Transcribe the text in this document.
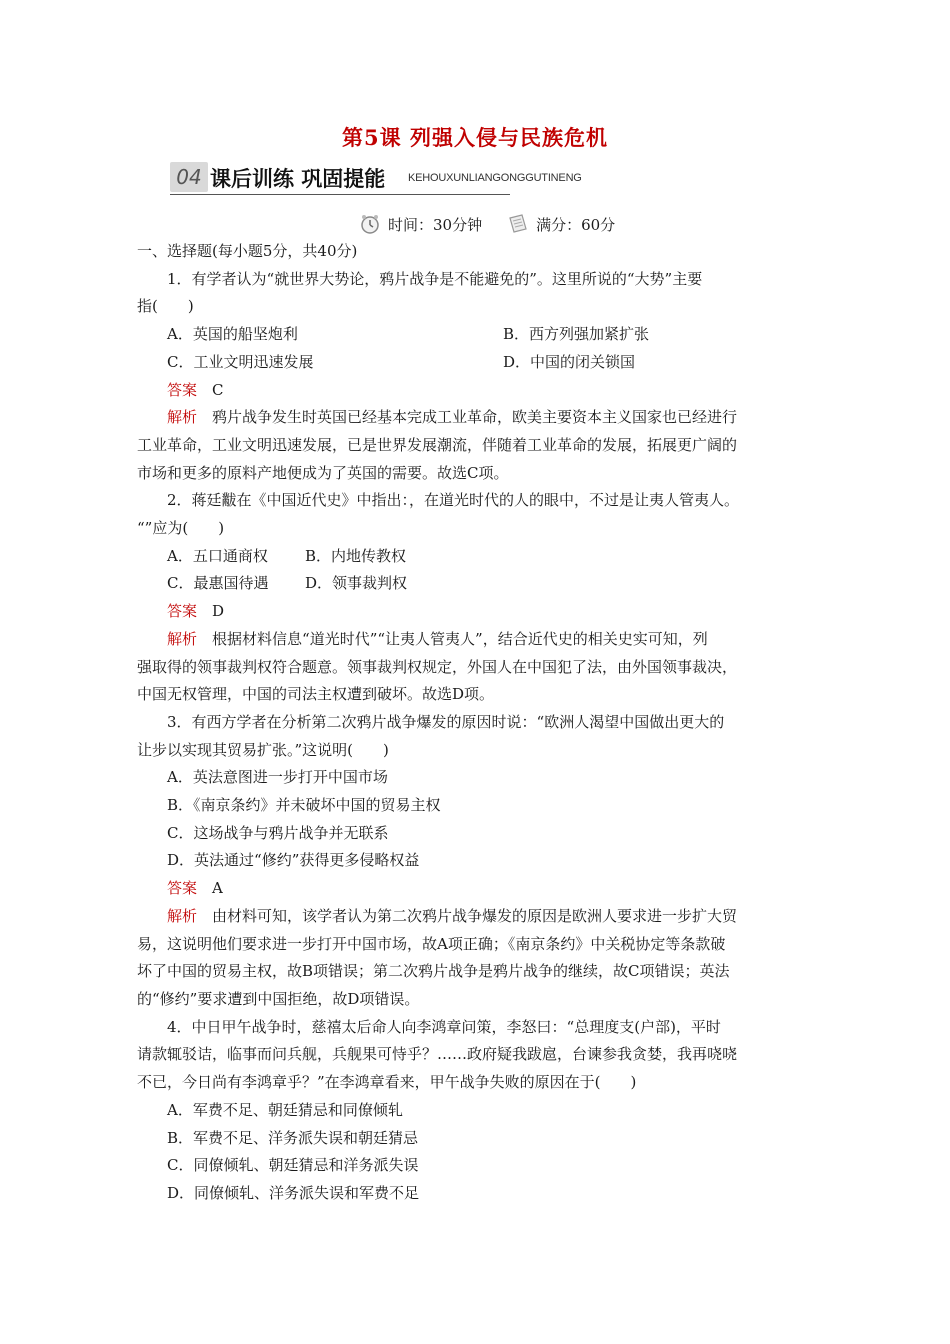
第5课 列强入侵与民族危机
04 课后训练 巩固提能 KEHOUXUNLIANGONGGUTINENG
时间：30分钟	满分：60分

一、选择题(每小题5分，共40分)

1．有学者认为“就世界大势论，鸦片战争是不能避免的”。这里所说的“大势”主要

指(　　)

A．英国的船坚炮利	B．西方列强加紧扩张
C．工业文明迅速发展	D．中国的闭关锁国

答案　 C

解析　 鸦片战争发生时英国已经基本完成工业革命，欧美主要资本主义国家也已经进行

工业革命，工业文明迅速发展，已是世界发展潮流，伴随着工业革命的发展，拓展更广阔的

市场和更多的原料产地便成为了英国的需要。故选C项。

2．蒋廷黻在《中国近代史》中指出：，在道光时代的人的眼中，不过是让夷人管夷人。

“”应为(　　)

A．五口通商权	B．内地传教权
C．最惠国待遇	D．领事裁判权

答案　 D

解析　 根据材料信息“道光时代”“让夷人管夷人”，结合近代史的相关史实可知，列

强取得的领事裁判权符合题意。领事裁判权规定，外国人在中国犯了法，由外国领事裁决，

中国无权管理，中国的司法主权遭到破坏。故选D项。

3．有西方学者在分析第二次鸦片战争爆发的原因时说：“欧洲人渴望中国做出更大的

让步以实现其贸易扩张。”这说明(　　)

A．英法意图进一步打开中国市场

B．《南京条约》并未破坏中国的贸易主权

C．这场战争与鸦片战争并无联系

D．英法通过“修约”获得更多侵略权益

答案　 A

解析　 由材料可知，该学者认为第二次鸦片战争爆发的原因是欧洲人要求进一步扩大贸

易，这说明他们要求进一步打开中国市场，故A项正确；《南京条约》中关税协定等条款破

坏了中国的贸易主权，故B项错误；第二次鸦片战争是鸦片战争的继续，故C项错误；英法

的“修约”要求遭到中国拒绝，故D项错误。

4．中日甲午战争时，慈禧太后命人向李鸿章问策，李怒曰：“总理度支(户部)，平时

请款辄驳诘，临事而问兵舰，兵舰果可恃乎？……政府疑我跋扈，台谏参我贪婪，我再哓哓

不已，今日尚有李鸿章乎？”在李鸿章看来，甲午战争失败的原因在于(　　)

A．军费不足、朝廷猜忌和同僚倾轧

B．军费不足、洋务派失误和朝廷猜忌

C．同僚倾轧、朝廷猜忌和洋务派失误

D．同僚倾轧、洋务派失误和军费不足
